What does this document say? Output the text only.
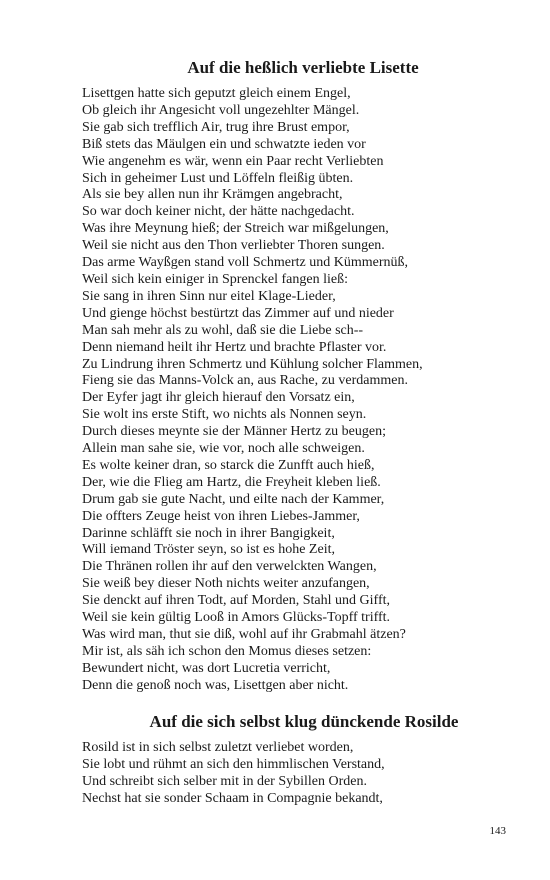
Auf die heßlich verliebte Lisette
Lisettgen hatte sich geputzt gleich einem Engel,
Ob gleich ihr Angesicht voll ungezehlter Mängel.
Sie gab sich trefflich Air, trug ihre Brust empor,
Biß stets das Mäulgen ein und schwatzte ieden vor
Wie angenehm es wär, wenn ein Paar recht Verliebten
Sich in geheimer Lust und Löffeln fleißig übten.
Als sie bey allen nun ihr Krämgen angebracht,
So war doch keiner nicht, der hätte nachgedacht.
Was ihre Meynung hieß; der Streich war mißgelungen,
Weil sie nicht aus den Thon verliebter Thoren sungen.
Das arme Wayßgen stand voll Schmertz und Kümmernüß,
Weil sich kein einiger in Sprenckel fangen ließ:
Sie sang in ihren Sinn nur eitel Klage-Lieder,
Und gienge höchst bestürtzt das Zimmer auf und nieder
Man sah mehr als zu wohl, daß sie die Liebe sch--
Denn niemand heilt ihr Hertz und brachte Pflaster vor.
Zu Lindrung ihren Schmertz und Kühlung solcher Flammen,
Fieng sie das Manns-Volck an, aus Rache, zu verdammen.
Der Eyfer jagt ihr gleich hierauf den Vorsatz ein,
Sie wolt ins erste Stift, wo nichts als Nonnen seyn.
Durch dieses meynte sie der Männer Hertz zu beugen;
Allein man sahe sie, wie vor, noch alle schweigen.
Es wolte keiner dran, so starck die Zunfft auch hieß,
Der, wie die Flieg am Hartz, die Freyheit kleben ließ.
Drum gab sie gute Nacht, und eilte nach der Kammer,
Die offters Zeuge heist von ihren Liebes-Jammer,
Darinne schläfft sie noch in ihrer Bangigkeit,
Will iemand Tröster seyn, so ist es hohe Zeit,
Die Thränen rollen ihr auf den verwelckten Wangen,
Sie weiß bey dieser Noth nichts weiter anzufangen,
Sie denckt auf ihren Todt, auf Morden, Stahl und Gifft,
Weil sie kein gültig Looß in Amors Glücks-Topff trifft.
Was wird man, thut sie diß, wohl auf ihr Grabmahl ätzen?
Mir ist, als säh ich schon den Momus dieses setzen:
Bewundert nicht, was dort Lucretia verricht,
Denn die genoß noch was, Lisettgen aber nicht.
Auf die sich selbst klug dünckende Rosilde
Rosild ist in sich selbst zuletzt verliebet worden,
Sie lobt und rühmt an sich den himmlischen Verstand,
Und schreibt sich selber mit in der Sybillen Orden.
Nechst hat sie sonder Schaam in Compagnie bekandt,
143
